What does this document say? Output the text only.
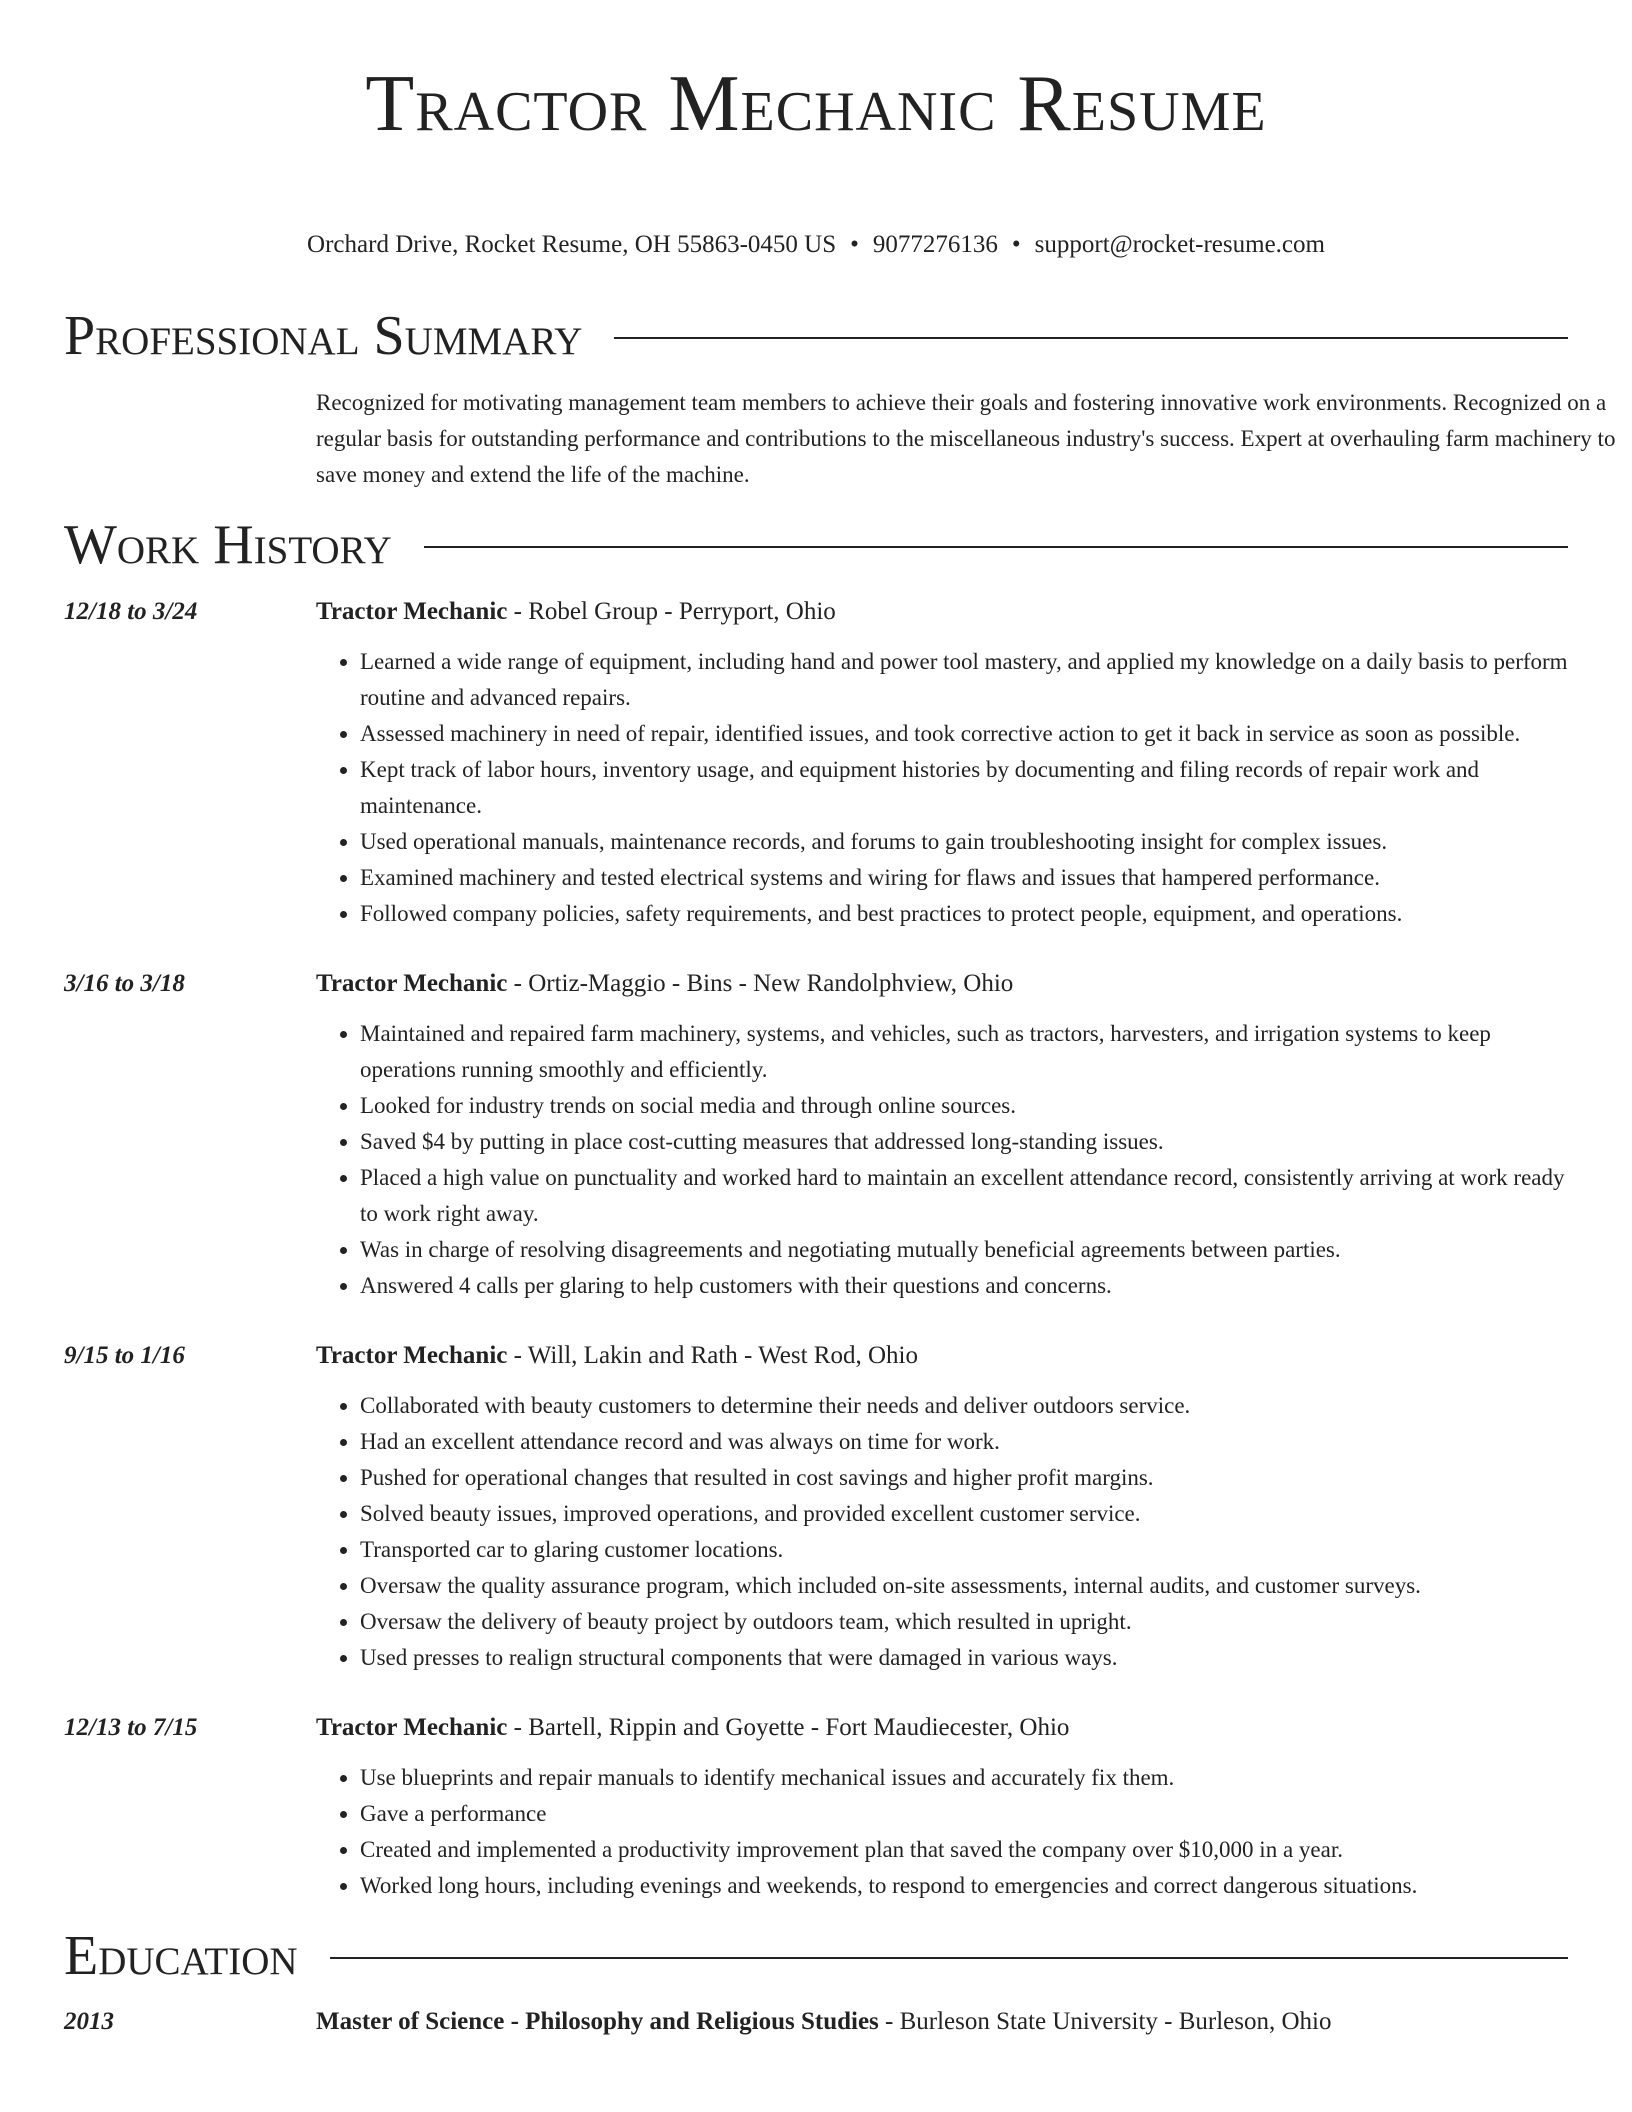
Tractor Mechanic Resume
Orchard Drive, Rocket Resume, OH 55863-0450 US • 9077276136 • support@rocket-resume.com
Professional Summary
Recognized for motivating management team members to achieve their goals and fostering innovative work environments. Recognized on a regular basis for outstanding performance and contributions to the miscellaneous industry's success. Expert at overhauling farm machinery to save money and extend the life of the machine.
Work History
12/18 to 3/24	Tractor Mechanic - Robel Group - Perryport, Ohio
• Learned a wide range of equipment, including hand and power tool mastery, and applied my knowledge on a daily basis to perform routine and advanced repairs.
• Assessed machinery in need of repair, identified issues, and took corrective action to get it back in service as soon as possible.
• Kept track of labor hours, inventory usage, and equipment histories by documenting and filing records of repair work and maintenance.
• Used operational manuals, maintenance records, and forums to gain troubleshooting insight for complex issues.
• Examined machinery and tested electrical systems and wiring for flaws and issues that hampered performance.
• Followed company policies, safety requirements, and best practices to protect people, equipment, and operations.
3/16 to 3/18	Tractor Mechanic - Ortiz-Maggio - Bins - New Randolphview, Ohio
• Maintained and repaired farm machinery, systems, and vehicles, such as tractors, harvesters, and irrigation systems to keep operations running smoothly and efficiently.
• Looked for industry trends on social media and through online sources.
• Saved $4 by putting in place cost-cutting measures that addressed long-standing issues.
• Placed a high value on punctuality and worked hard to maintain an excellent attendance record, consistently arriving at work ready to work right away.
• Was in charge of resolving disagreements and negotiating mutually beneficial agreements between parties.
• Answered 4 calls per glaring to help customers with their questions and concerns.
9/15 to 1/16	Tractor Mechanic - Will, Lakin and Rath - West Rod, Ohio
• Collaborated with beauty customers to determine their needs and deliver outdoors service.
• Had an excellent attendance record and was always on time for work.
• Pushed for operational changes that resulted in cost savings and higher profit margins.
• Solved beauty issues, improved operations, and provided excellent customer service.
• Transported car to glaring customer locations.
• Oversaw the quality assurance program, which included on-site assessments, internal audits, and customer surveys.
• Oversaw the delivery of beauty project by outdoors team, which resulted in upright.
• Used presses to realign structural components that were damaged in various ways.
12/13 to 7/15	Tractor Mechanic - Bartell, Rippin and Goyette - Fort Maudiecester, Ohio
• Use blueprints and repair manuals to identify mechanical issues and accurately fix them.
• Gave a performance
• Created and implemented a productivity improvement plan that saved the company over $10,000 in a year.
• Worked long hours, including evenings and weekends, to respond to emergencies and correct dangerous situations.
Education
2013	Master of Science - Philosophy and Religious Studies - Burleson State University - Burleson, Ohio
